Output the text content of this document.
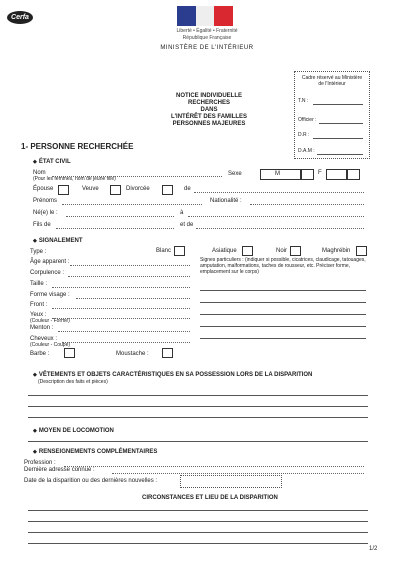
Cerfa
Liberté • Égalité • Fraternité
République Française
MINISTÈRE DE L'INTÉRIEUR
Cadre réservé au Ministère de l'Intérieur
T.N :
Officier :
D.R :
D.A.M :
NOTICE INDIVIDUELLE
RECHERCHES
DANS
L'INTÉRÊT DES FAMILLES
PERSONNES MAJEURES
1- PERSONNE RECHERCHÉE
◆ ÉTAT CIVIL
Nom
(Pour les femmes, nom de jeune fille)
Sexe	M	F
Épouse	Veuve	Divorcée	de
Prénoms	Nationalité :
Né(e) le :	à
Fils de	et de
◆ SIGNALEMENT
Type :	Blanc	Asiatique	Noir	Maghrébin
Signes particuliers : (indiquer si possible, cicatrices, claudicage, tatouages, amputation, malformations, taches de rousseur, etc. Préciser forme, emplacement sur le corps)
Âge apparent :
Corpulence :
Taille :
Forme visage :
Front :
Yeux :
(Couleur - Forme)
Menton :
Cheveux :
(Couleur - Coupe)
Barbe :	Moustache :
◆ VÊTEMENTS ET OBJETS CARACTÉRISTIQUES EN SA POSSESSION LORS DE LA DISPARITION
(Description des faits et pièces)
◆ MOYEN DE LOCOMOTION
◆ RENSEIGNEMENTS COMPLÉMENTAIRES
Profession :
Dernière adresse connue :
Date de la disparition ou des dernières nouvelles :
CIRCONSTANCES ET LIEU DE LA DISPARITION
1/2
